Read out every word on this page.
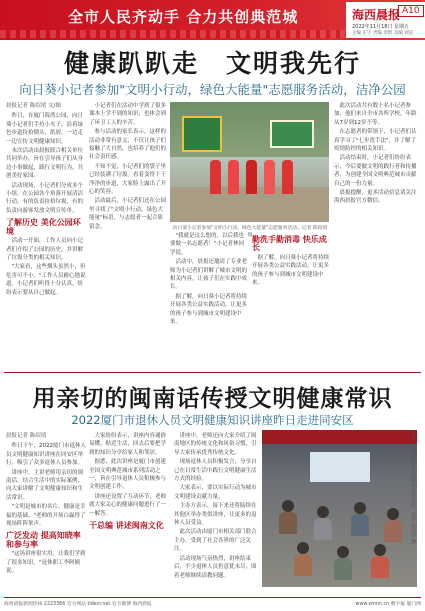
全市人民齐动手 合力共创典范城	海西晨报 A10
2022年11月18日 星期五
主编 庄宇 责编 余智 美编 刘洁
健康趴趴走　文明我先行
向日葵小记者参加"文明小行动，绿色大能量"志愿服务活动，洁净公园
晨报记者 陈绍靖 文/图

昨日，在厦门海湾公园，向日葵小记者们手持小夹子，沿着绿色步道捡拾烟头、纸屑，一边走一边宣传文明健康知识。

本次活动由晨报联合相关单位共同举办，旨在引导孩子们从身边小事做起，践行文明行为，共创美好家园。

活动现场，小记者们分成多个小组，在公园各个角落开展清洁行动，有的负责捡拾垃圾，有的负责向游客发放文明宣传单。

了解历史 美化公园环境

活动一开始，工作人员向小记者们介绍了公园的历史，并讲解了垃圾分类的相关知识。

"大家看，这些烟头虽然小，但危害可不小。"工作人员耐心地说道。小记者们听得十分认真，纷纷表示要从自己做起。

小记者们在活动中学到了很多课本上学不到的知识，也体会到了环卫工人的辛苦。

参与活动的家长表示，这样的活动非常有意义，不仅让孩子们接触了大自然，也培养了他们的社会责任感。

不知不觉，小记者们的袋子里已经装满了垃圾。看着变得干干净净的步道，大家脸上露出了开心的笑容。

活动最后，小记者们还在公园里寻找了"文明小行动，绿色大能量"标语，与志愿者一起合影留念。	向日葵小记者参加"文明小行动，绿色大能量"志愿服务活动。记者 陈绍靖 摄

"我就是这么想的，以后我也要做一名志愿者！"小记者林同学说。

活动中，晨报还邀请了专业老师为小记者们讲解了城市文明的相关内容，让孩子们在实践中成长。

据了解，向日葵小记者将持续开展各类公益实践活动，让更多的孩子参与到城市文明建设中来。

勤洗手勤消毒 快乐成长

据了解，向日葵小记者将持续开展各类公益实践活动，让更多的孩子参与到城市文明建设中来。

此次活动共有数十名小记者参加，他们来自全市各所学校，年龄从7岁到12岁不等。

在志愿者的带领下，小记者们认真学习了"七步洗手法"，并了解了疫情防控的相关知识。

活动结束时，小记者们纷纷表示，今后要做文明的践行者和传播者，为创建全国文明典范城市贡献自己的一份力量。

晨报提醒，更多活动信息请关注海西晨报官方微信。

用亲切的闽南话传授文明健康常识
2022厦门市退休人员文明健康知识讲座昨日走进同安区
晨报记者 陈绍靖

昨日下午，2022厦门市退休人员文明健康知识讲座在同安区举行，吸引了众多退休人员参加。

讲座中，主讲老师用亲切的闽南话，结合生活中的实际案例，向大家讲解了文明健康知识和生活常识。

"文明是城市的名片，健康是幸福的基础。"老师的开场白赢得了现场阵阵掌声。

广泛发动 提高知晓率和参与率

"这场讲座很实用，让我们学到了很多知识。"退休职工李阿姨说。

大家纷纷表示，讲座内容通俗易懂，贴近生活，回去后要把学到的知识分享给家人和邻居。

据悉，此次讲座是厦门市创建全国文明典范城市系列活动之一，旨在引导退休人员积极参与文明创建工作。

讲座还设置了互动环节，老师就大家关心的健康问题进行了一一解答。

干总编 讲述闽南文化

讲座中，老师还向大家介绍了闽南地区的传统文化和风俗习惯，引导大家传承优秀传统文化。

现场退休人员积极发言，分享自己在日常生活中践行文明健康生活方式的经验。

大家表示，要以实际行动为城市文明建设贡献力量。

主办方表示，接下来还将陆续在其他区举办类似讲座，让更多的退休人员受益。

此次活动由厦门市相关部门联合主办，受到了社会各界的广泛关注。

活动现场气氛热烈，讲座结束后，不少退休人员仍意犹未尽，围着老师继续请教问题。

退休人员认真聆听文明健康知识讲座。记者 陈绍靖 摄
海西晨报新闻热线 2223366 官方网站 tidecr.net 官方微博 海西晨报	www.xmnn.cn 数字报 厦门网
